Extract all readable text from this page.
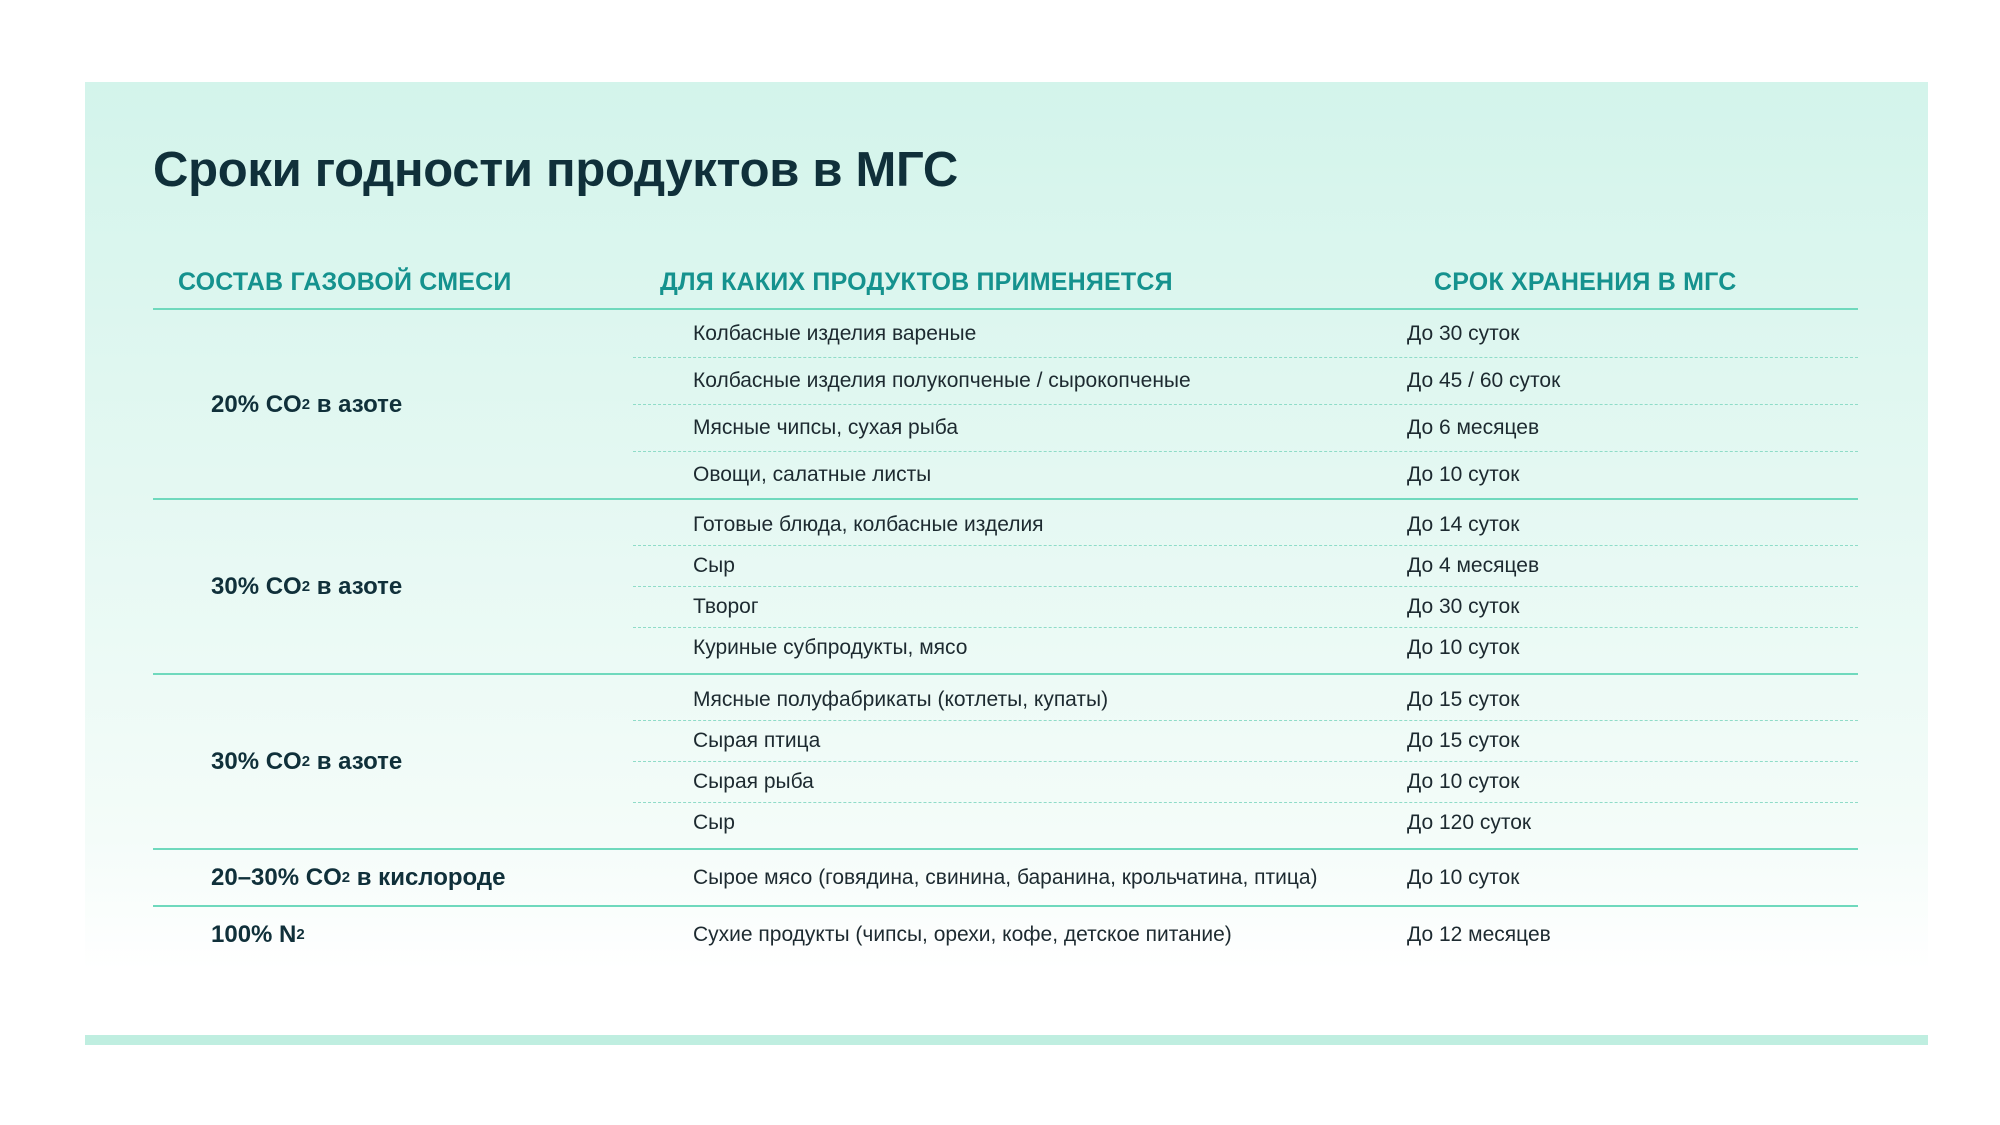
Сроки годности продуктов в МГС
СОСТАВ ГАЗОВОЙ СМЕСИ	ДЛЯ КАКИХ ПРОДУКТОВ ПРИМЕНЯЕТСЯ	СРОК ХРАНЕНИЯ В МГС
20% CO 2 в азоте
Колбасные изделия вареные	До 30 суток
Колбасные изделия полукопченые / сырокопченые	До 45 / 60 суток
Мясные чипсы, сухая рыба	До 6 месяцев
Овощи, салатные листы	До 10 суток
30% CO 2 в азоте
Готовые блюда, колбасные изделия	До 14 суток
Сыр	До 4 месяцев
Творог	До 30 суток
Куриные субпродукты, мясо	До 10 суток
30% CO 2 в азоте
Мясные полуфабрикаты (котлеты, купаты)	До 15 суток
Сырая птица	До 15 суток
Сырая рыба	До 10 суток
Сыр	До 120 суток
20–30% CO 2 в кислороде	Сырое мясо (говядина, свинина, баранина, крольчатина, птица)	До 10 суток
100% N 2	Сухие продукты (чипсы, орехи, кофе, детское питание)	До 12 месяцев
